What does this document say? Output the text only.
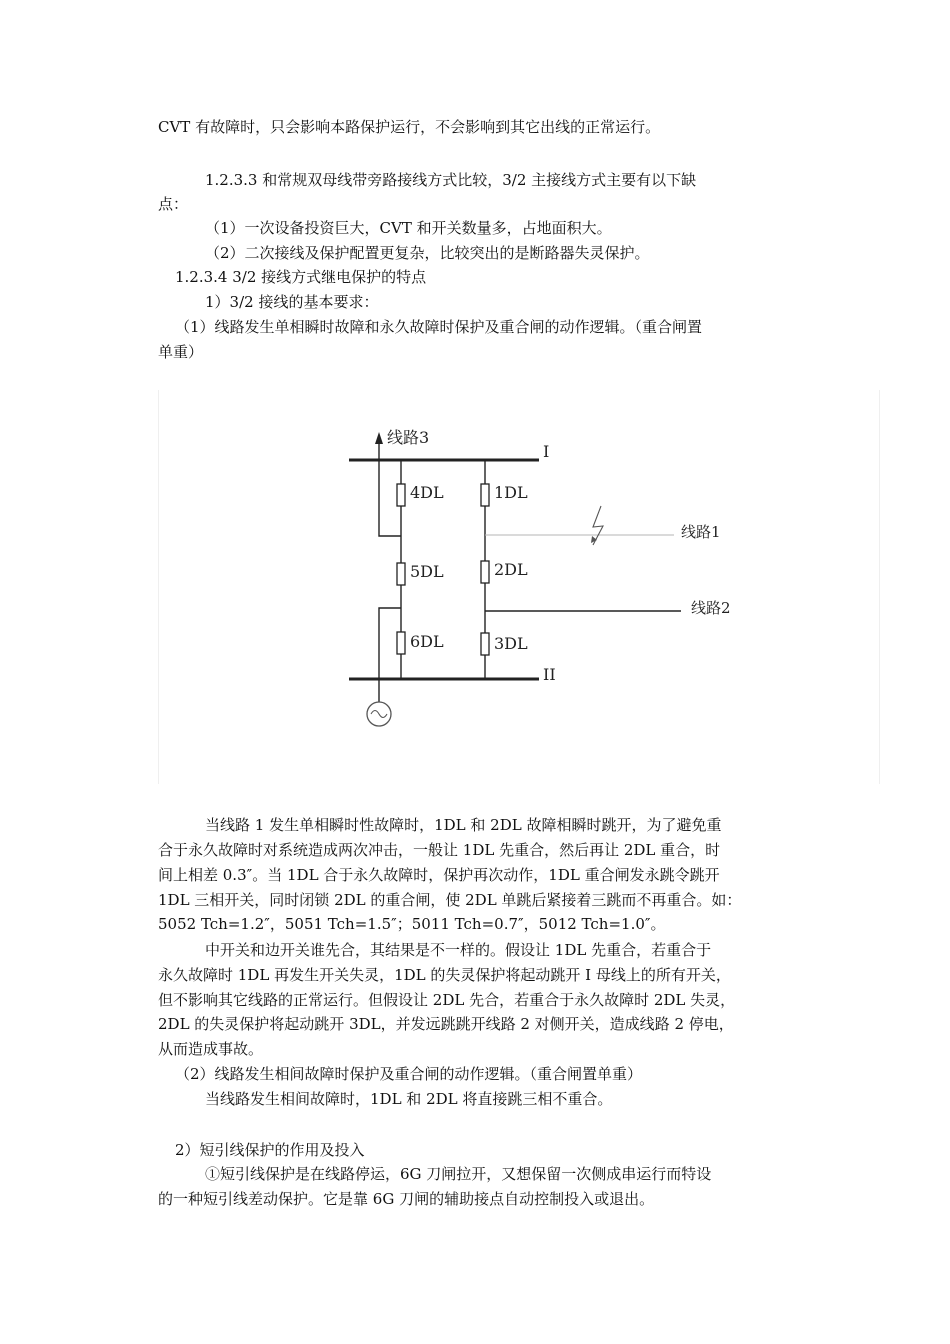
CVT 有故障时，只会影响本路保护运行，不会影响到其它出线的正常运行。
1.2.3.3 和常规双母线带旁路接线方式比较，3/2 主接线方式主要有以下缺
点：
（1）一次设备投资巨大，CVT 和开关数量多，占地面积大。
（2）二次接线及保护配置更复杂，比较突出的是断路器失灵保护。
1.2.3.4 3/2 接线方式继电保护的特点
1）3/2 接线的基本要求：
（1）线路发生单相瞬时故障和永久故障时保护及重合闸的动作逻辑。（重合闸置
单重）
线路3
I
II
4DL	1DL
5DL	2DL
6DL	3DL
线路1
线路2
当线路 1 发生单相瞬时性故障时，1DL 和 2DL 故障相瞬时跳开，为了避免重
合于永久故障时对系统造成两次冲击，一般让 1DL 先重合，然后再让 2DL 重合，时
间上相差 0.3″。当 1DL 合于永久故障时，保护再次动作，1DL 重合闸发永跳令跳开
1DL 三相开关，同时闭锁 2DL 的重合闸，使 2DL 单跳后紧接着三跳而不再重合。如：
5052 Tch=1.2″，5051 Tch=1.5″；5011 Tch=0.7″，5012 Tch=1.0″。
中开关和边开关谁先合，其结果是不一样的。假设让 1DL 先重合，若重合于
永久故障时 1DL 再发生开关失灵，1DL 的失灵保护将起动跳开 I 母线上的所有开关，
但不影响其它线路的正常运行。但假设让 2DL 先合，若重合于永久故障时 2DL 失灵，
2DL 的失灵保护将起动跳开 3DL，并发远跳跳开线路 2 对侧开关，造成线路 2 停电，
从而造成事故。
（2）线路发生相间故障时保护及重合闸的动作逻辑。（重合闸置单重）
当线路发生相间故障时，1DL 和 2DL 将直接跳三相不重合。
2）短引线保护的作用及投入
①短引线保护是在线路停运，6G 刀闸拉开，又想保留一次侧成串运行而特设
的一种短引线差动保护。它是靠 6G 刀闸的辅助接点自动控制投入或退出。
